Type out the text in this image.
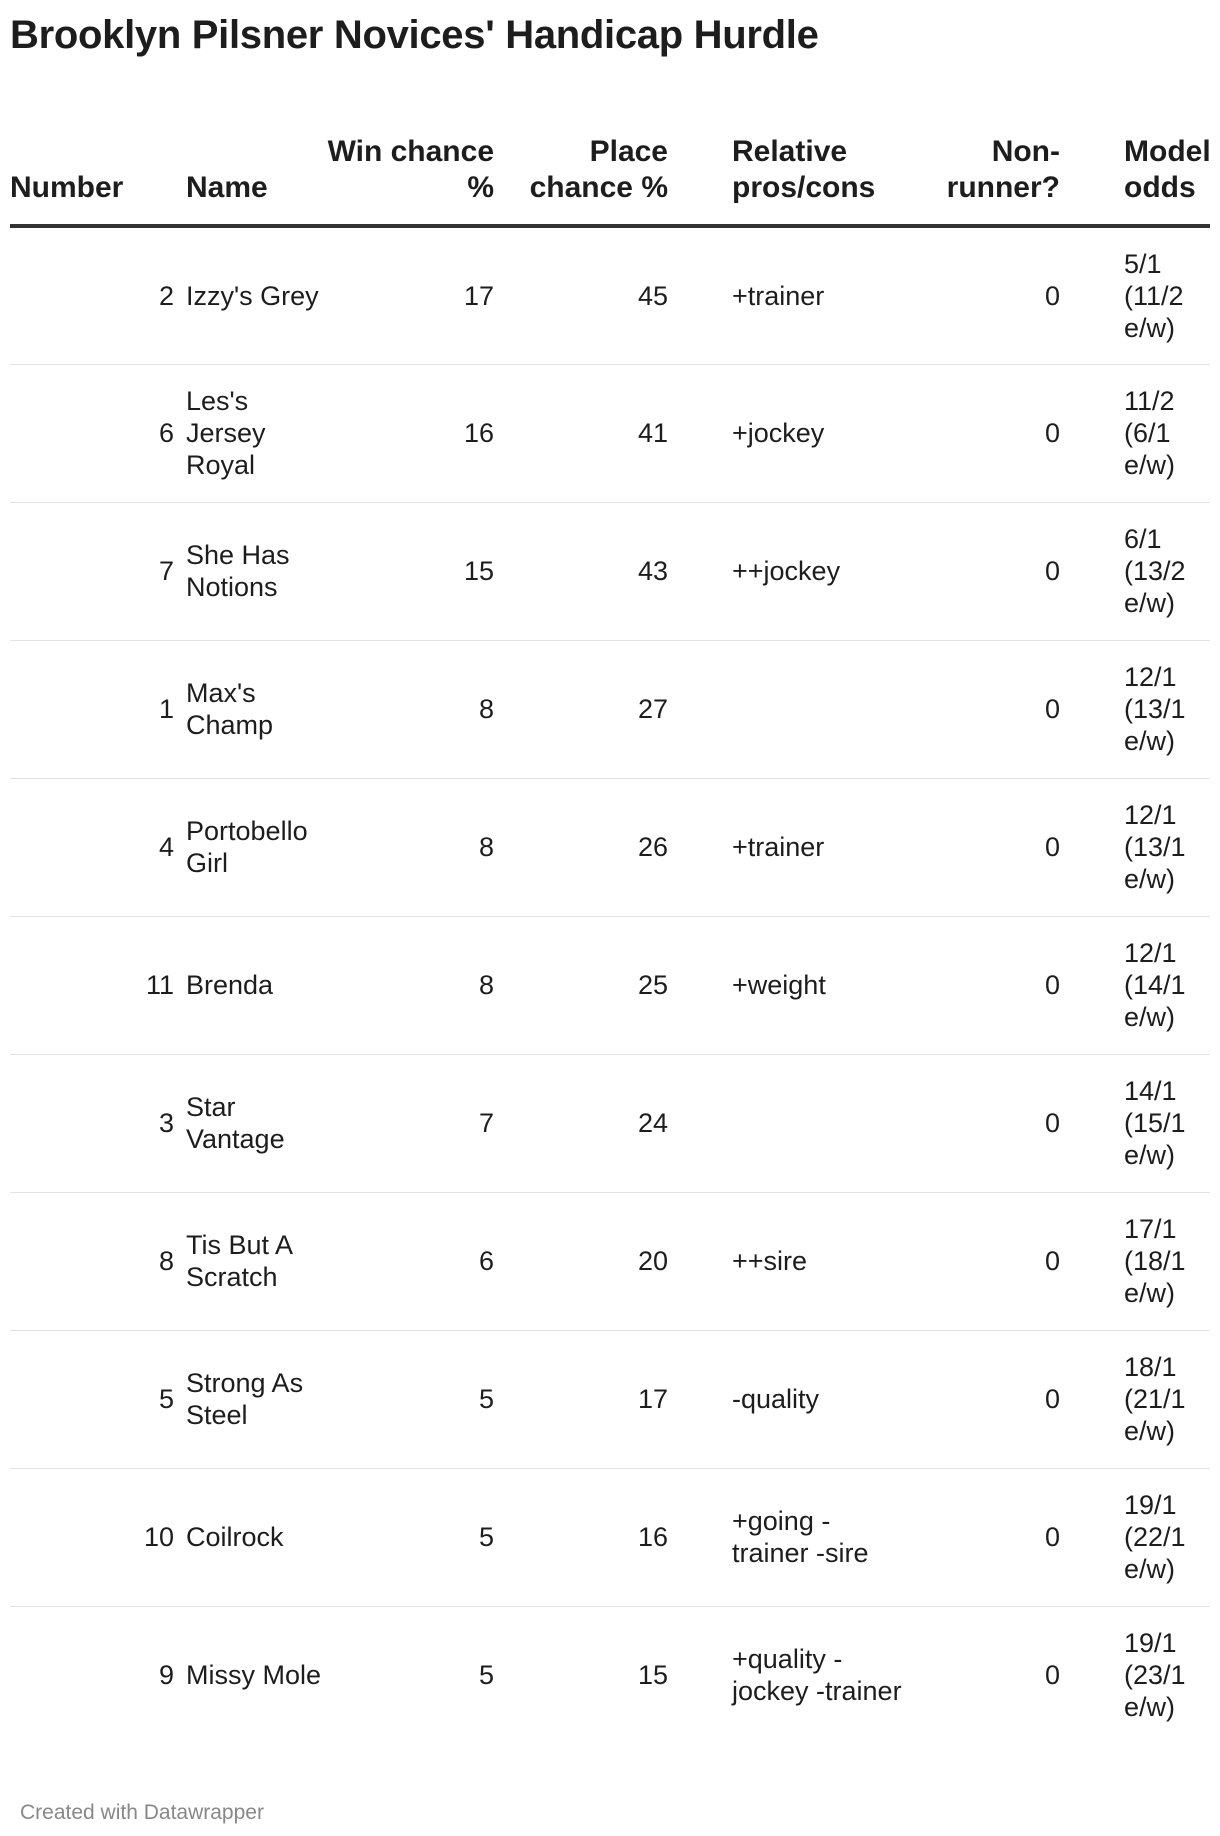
Brooklyn Pilsner Novices' Handicap Hurdle
Number	Name	Win chance %	Place chance %		Relative pros/cons	Non-runner?		Model odds
2	Izzy's Grey	17	45		+trainer	0		5/1 (11/2 e/w)
6	Les's Jersey Royal	16	41		+jockey	0		11/2 (6/1 e/w)
7	She Has Notions	15	43		++jockey	0		6/1 (13/2 e/w)
1	Max's Champ	8	27			0		12/1 (13/1 e/w)
4	Portobello Girl	8	26		+trainer	0		12/1 (13/1 e/w)
11	Brenda	8	25		+weight	0		12/1 (14/1 e/w)
3	Star Vantage	7	24			0		14/1 (15/1 e/w)
8	Tis But A Scratch	6	20		++sire	0		17/1 (18/1 e/w)
5	Strong As Steel	5	17		-quality	0		18/1 (21/1 e/w)
10	Coilrock	5	16		+going -trainer -sire	0		19/1 (22/1 e/w)
9	Missy Mole	5	15		+quality -jockey -trainer	0		19/1 (23/1 e/w)
Created with Datawrapper
